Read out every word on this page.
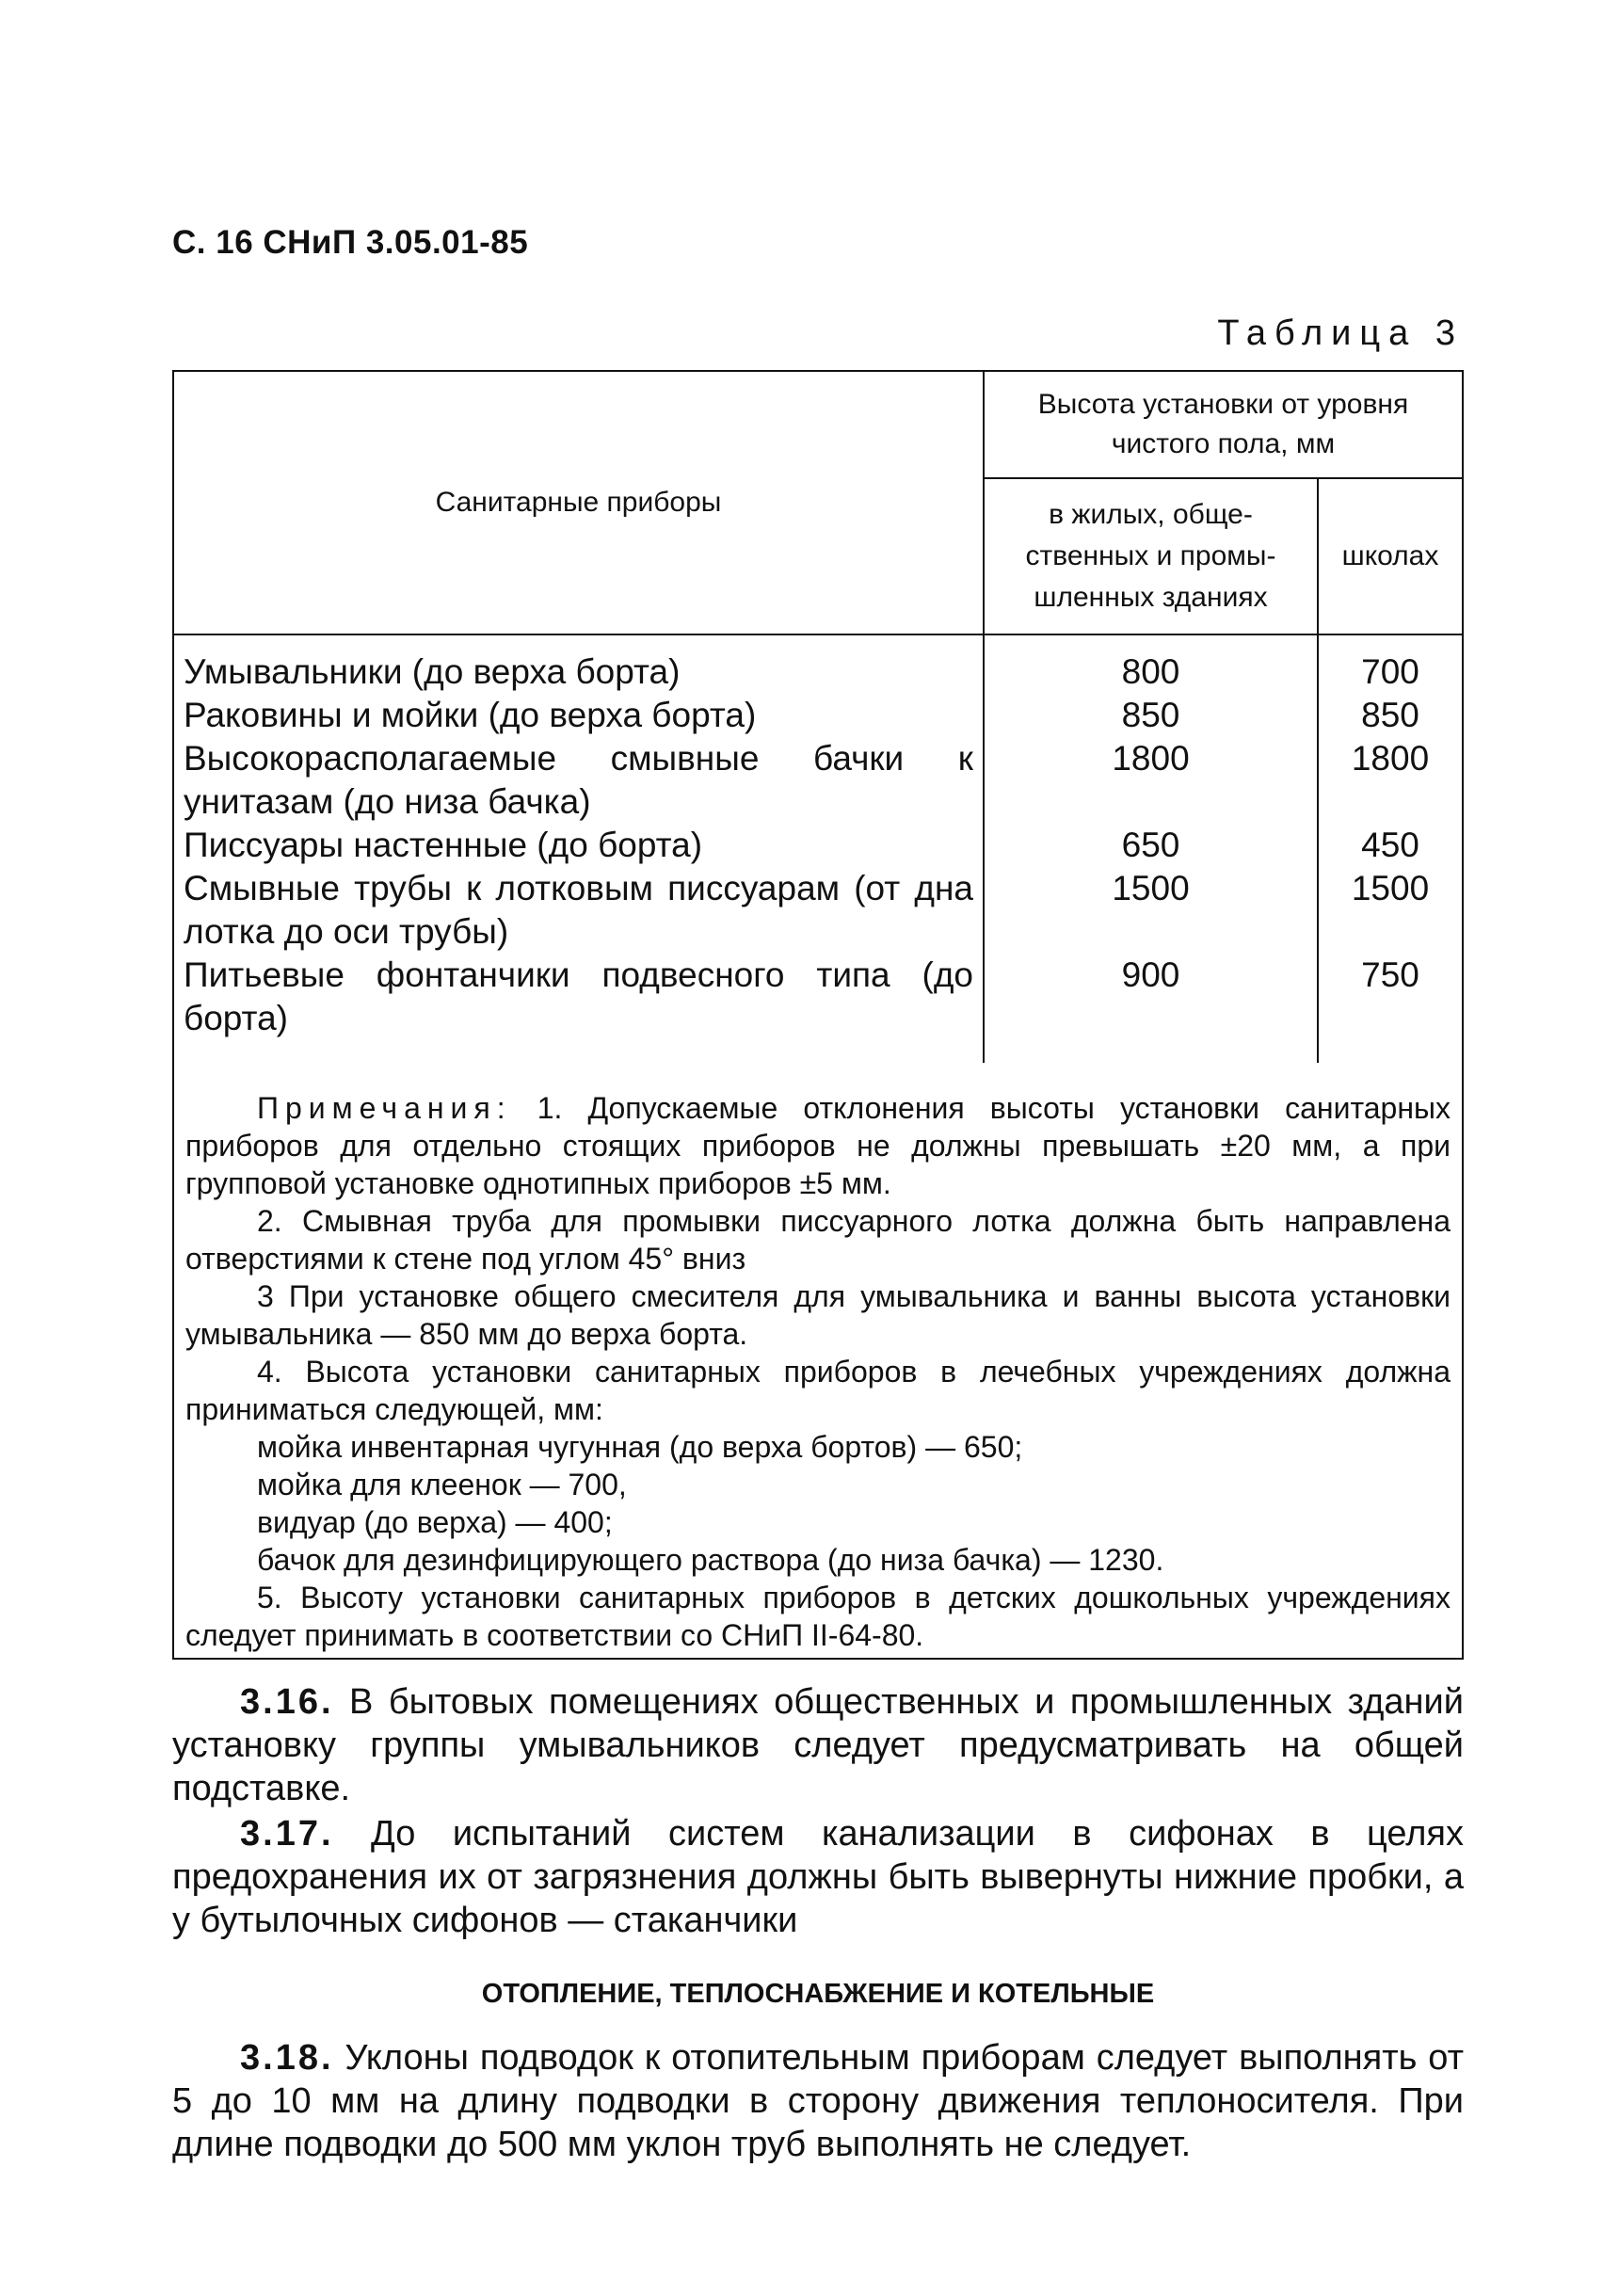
С. 16 СНиП 3.05.01-85
Таблица 3
Санитарные приборы	Высота установки от уровня чистого пола, мм	
	в жилых, обще-ственных и промы-шленных зданиях	школах
Умывальники (до верха борта)	800	700
Раковины и мойки (до верха борта)	850	850
Высокорасполагаемые смывные бачки к унитазам (до низа бачка)	1800	1800
Писсуары настенные (до борта)	650	450
Смывные трубы к лотковым писсуарам (от дна лотка до оси трубы)	1500	1500
Питьевые фонтанчики подвесного типа (до борта)	900	750

Примечания: 1. Допускаемые отклонения высоты установки санитарных приборов для отдельно стоящих приборов не должны превышать ±20 мм, а при групповой установке однотипных приборов ±5 мм.

2. Смывная труба для промывки писсуарного лотка должна быть направлена отверстиями к стене под углом 45° вниз

3 При установке общего смесителя для умывальника и ванны высота установки умывальника — 850 мм до верха борта.

4. Высота установки санитарных приборов в лечебных учреждениях должна приниматься следующей, мм:

мойка инвентарная чугунная (до верха бортов) — 650;

мойка для клеенок — 700,

видуар (до верха) — 400;

бачок для дезинфицирующего раствора (до низа бачка) — 1230.

5. Высоту установки санитарных приборов в детских дошкольных учреждениях следует принимать в соответствии со СНиП II-64-80.

3.16. В бытовых помещениях общественных и промышленных зданий установку группы умывальников следует предусматривать на общей подставке.

3.17. До испытаний систем канализации в сифонах в целях предохранения их от загрязнения должны быть вывернуты нижние пробки, а у бутылочных сифонов — стаканчики

ОТОПЛЕНИЕ, ТЕПЛОСНАБЖЕНИЕ И КОТЕЛЬНЫЕ

3.18. Уклоны подводок к отопительным приборам следует выполнять от 5 до 10 мм на длину подводки в сторону движения теплоносителя. При длине подводки до 500 мм уклон труб выполнять не следует.
